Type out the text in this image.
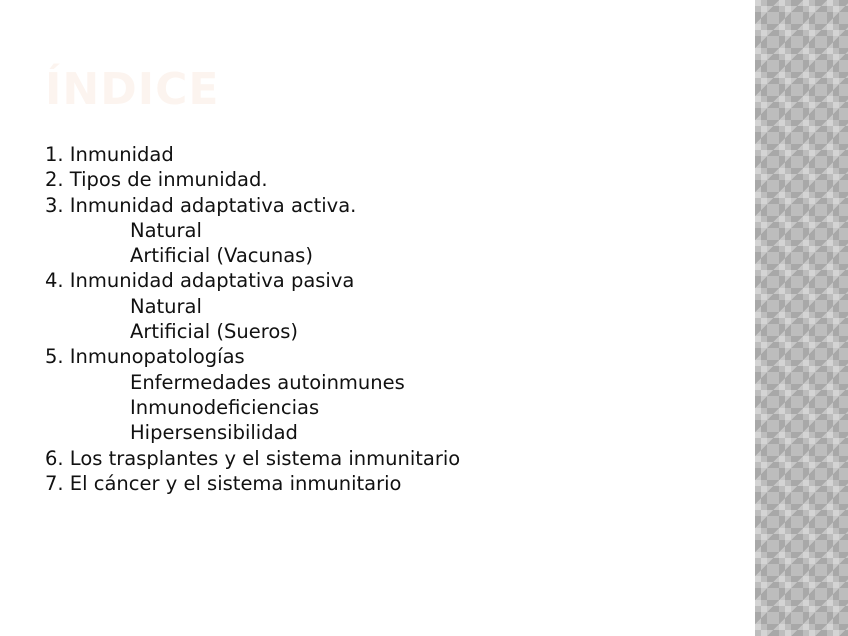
ÍNDICE
1. Inmunidad
2. Tipos de inmunidad.
3. Inmunidad adaptativa activa.
Natural
Artificial (Vacunas)
4. Inmunidad adaptativa pasiva
Natural
Artificial (Sueros)
5. Inmunopatologías
Enfermedades autoinmunes
Inmunodeficiencias
Hipersensibilidad
6. Los trasplantes y el sistema inmunitario
7. El cáncer y el sistema inmunitario
